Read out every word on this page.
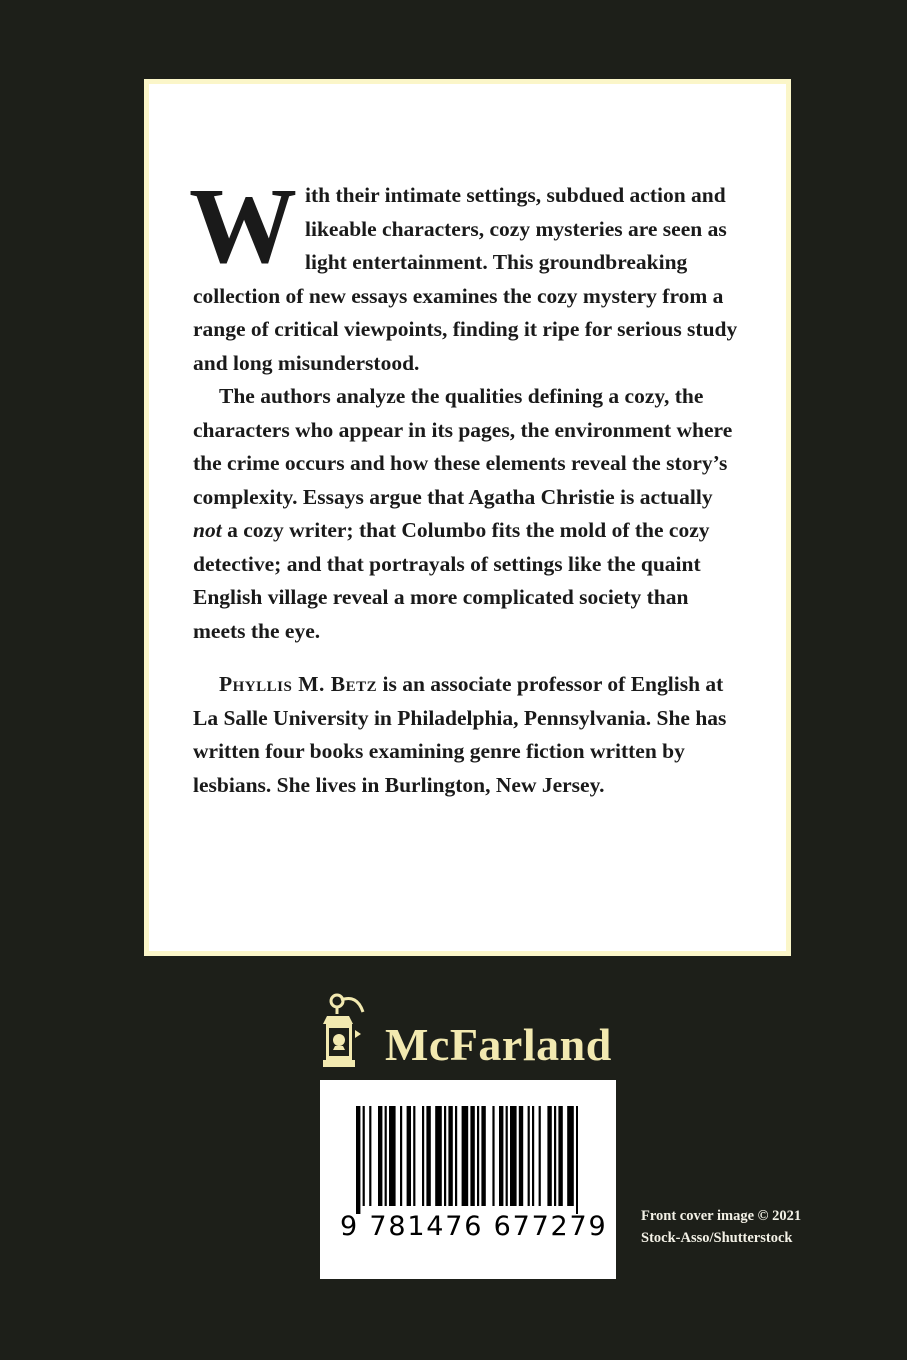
With their intimate settings, subdued action and likeable characters, cozy mysteries are seen as light entertainment. This groundbreaking collection of new essays examines the cozy mystery from a range of critical viewpoints, finding it ripe for serious study and long misunderstood.

The authors analyze the qualities defining a cozy, the characters who appear in its pages, the environment where the crime occurs and how these elements reveal the story’s complexity. Essays argue that Agatha Christie is actually not a cozy writer; that Columbo fits the mold of the cozy detective; and that portrayals of settings like the quaint English village reveal a more complicated society than meets the eye.

Phyllis M. Betz is an associate professor of English at La Salle University in Philadelphia, Pennsylvania. She has written four books examining genre fiction written by lesbians. She lives in Burlington, New Jersey.

McFarland
9 781476 677279 Front cover image © 2021
Stock-Asso/Shutterstock
